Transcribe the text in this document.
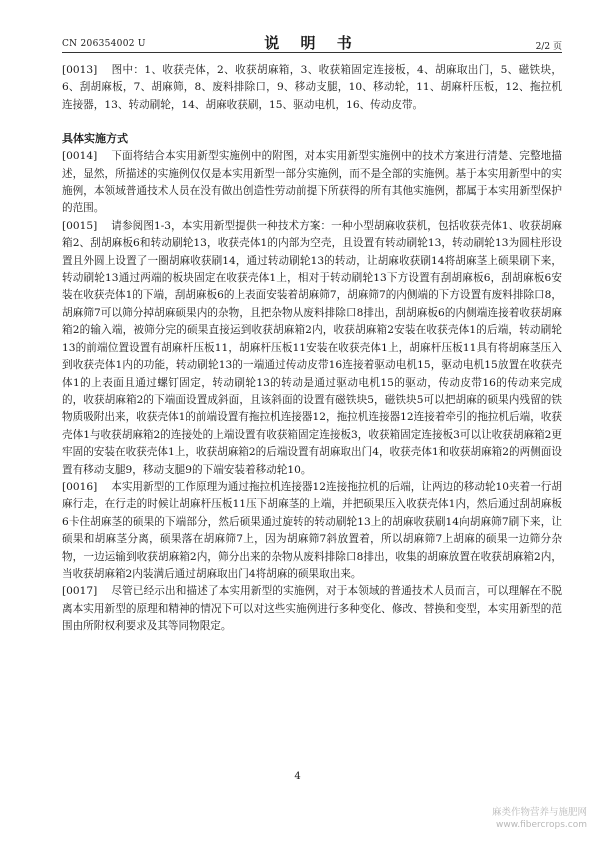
CN 206354002 U	说 明 书	2/2 页

[0013] 图中：1、收获壳体，2、收获胡麻箱，3、收获箱固定连接板，4、胡麻取出门，5、磁铁块，6、刮胡麻板，7、胡麻筛，8、废料排除口，9、移动支腿，10、移动轮，11、胡麻杆压板，12、拖拉机连接器，13、转动刷轮，14、胡麻收获刷，15、驱动电机，16、传动皮带。

具体实施方式

[0014] 下面将结合本实用新型实施例中的附图，对本实用新型实施例中的技术方案进行清楚、完整地描述，显然，所描述的实施例仅仅是本实用新型一部分实施例，而不是全部的实施例。基于本实用新型中的实施例，本领域普通技术人员在没有做出创造性劳动前提下所获得的所有其他实施例，都属于本实用新型保护的范围。

[0015] 请参阅图1-3，本实用新型提供一种技术方案：一种小型胡麻收获机，包括收获壳体1、收获胡麻箱2、刮胡麻板6和转动刷轮13，收获壳体1的内部为空壳，且设置有转动刷轮13，转动刷轮13为圆柱形设置且外圆上设置了一圈胡麻收获刷14，通过转动刷轮13的转动，让胡麻收获刷14将胡麻茎上硕果刷下来，转动刷轮13通过两端的板块固定在收获壳体1上，相对于转动刷轮13下方设置有刮胡麻板6，刮胡麻板6安装在收获壳体1的下端，刮胡麻板6的上表面安装着胡麻筛7，胡麻筛7的内侧端的下方设置有废料排除口8，胡麻筛7可以筛分掉胡麻硕果内的杂物，且把杂物从废料排除口8排出，刮胡麻板6的内侧端连接着收获胡麻箱2的输入端，被筛分完的硕果直接运到收获胡麻箱2内，收获胡麻箱2安装在收获壳体1的后端，转动刷轮13的前端位置设置有胡麻杆压板11，胡麻杆压板11安装在收获壳体1上，胡麻杆压板11具有将胡麻茎压入到收获壳体1内的功能，转动刷轮13的一端通过传动皮带16连接着驱动电机15，驱动电机15放置在收获壳体1的上表面且通过螺钉固定，转动刷轮13的转动是通过驱动电机15的驱动，传动皮带16的传动来完成的，收获胡麻箱2的下端面设置成斜面，且该斜面的设置有磁铁块5，磁铁块5可以把胡麻的硕果内残留的铁物质吸附出来，收获壳体1的前端设置有拖拉机连接器12，拖拉机连接器12连接着牵引的拖拉机后端，收获壳体1与收获胡麻箱2的连接处的上端设置有收获箱固定连接板3，收获箱固定连接板3可以让收获胡麻箱2更牢固的安装在收获壳体1上，收获胡麻箱2的后端设置有胡麻取出门4，收获壳体1和收获胡麻箱2的两侧面设置有移动支腿9，移动支腿9的下端安装着移动轮10。

[0016] 本实用新型的工作原理为通过拖拉机连接器12连接拖拉机的后端，让两边的移动轮10夹着一行胡麻行走，在行走的时候让胡麻杆压板11压下胡麻茎的上端，并把硕果压入收获壳体1内，然后通过刮胡麻板6卡住胡麻茎的硕果的下端部分，然后硕果通过旋转的转动刷轮13上的胡麻收获刷14向胡麻筛7刷下来，让硕果和胡麻茎分离，硕果落在胡麻筛7上，因为胡麻筛7斜放置着，所以胡麻筛7上胡麻的硕果一边筛分杂物，一边运输到收获胡麻箱2内，筛分出来的杂物从废料排除口8排出，收集的胡麻放置在收获胡麻箱2内，当收获胡麻箱2内装满后通过胡麻取出门4将胡麻的硕果取出来。

[0017] 尽管已经示出和描述了本实用新型的实施例，对于本领域的普通技术人员而言，可以理解在不脱离本实用新型的原理和精神的情况下可以对这些实施例进行多种变化、修改、替换和变型，本实用新型的范围由所附权利要求及其等同物限定。

4
麻类作物营养与施肥网
www.fibercrops.com
